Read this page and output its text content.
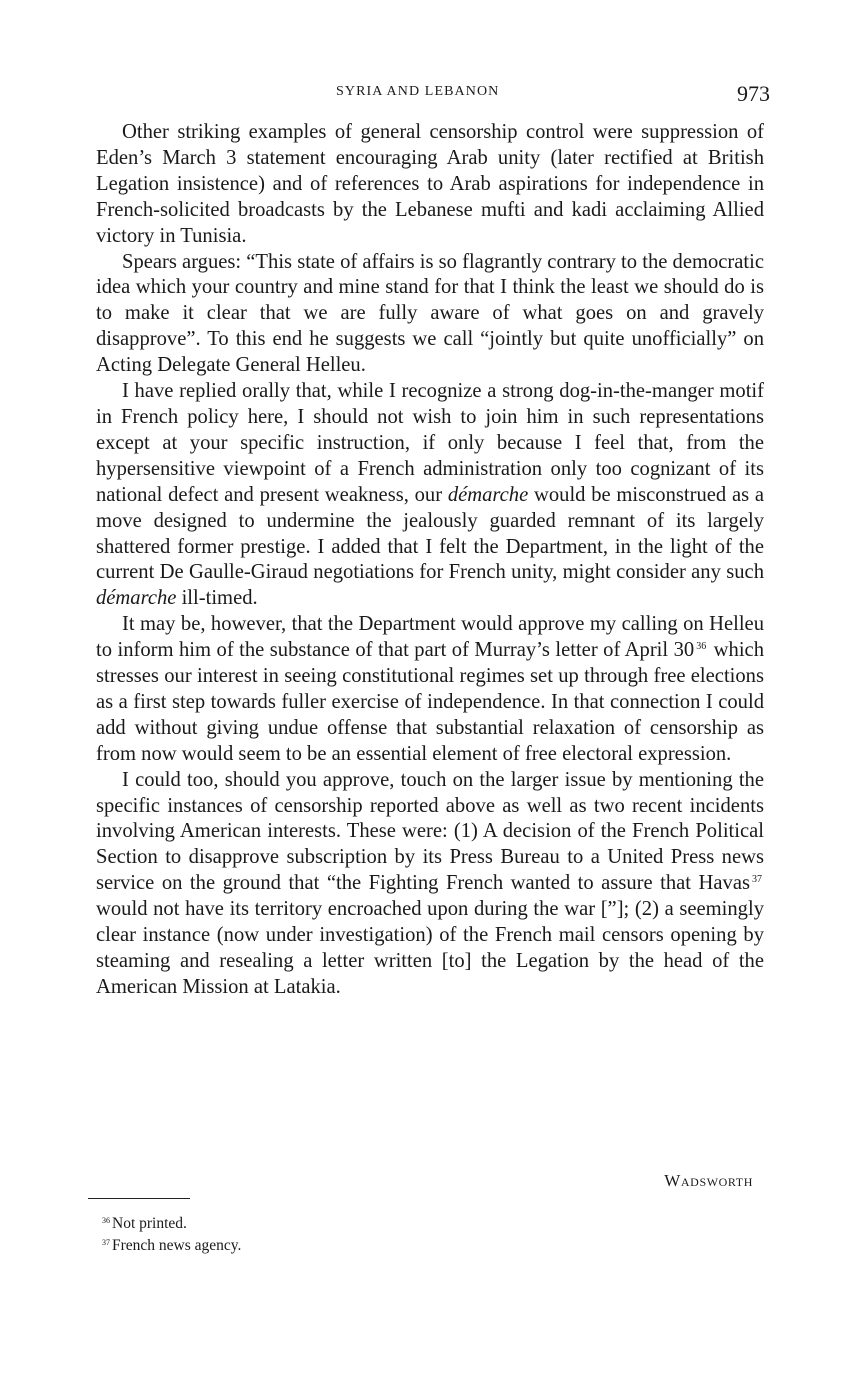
SYRIA AND LEBANON	973

Other striking examples of general censorship control were suppression of Eden’s March 3 statement encouraging Arab unity (later rectified at British Legation insistence) and of references to Arab aspirations for independence in French-solicited broadcasts by the Lebanese mufti and kadi acclaiming Allied victory in Tunisia.

Spears argues: “This state of affairs is so flagrantly contrary to the democratic idea which your country and mine stand for that I think the least we should do is to make it clear that we are fully aware of what goes on and gravely disapprove”. To this end he suggests we call “jointly but quite unofficially” on Acting Delegate General Helleu.

I have replied orally that, while I recognize a strong dog-in-the-manger motif in French policy here, I should not wish to join him in such representations except at your specific instruction, if only because I feel that, from the hypersensitive viewpoint of a French administration only too cognizant of its national defect and present weakness, our démarche would be misconstrued as a move designed to undermine the jealously guarded remnant of its largely shattered former prestige. I added that I felt the Department, in the light of the current De Gaulle-Giraud negotiations for French unity, might consider any such démarche ill-timed.

It may be, however, that the Department would approve my calling on Helleu to inform him of the substance of that part of Murray’s letter of April 30 $^{36}$ which stresses our interest in seeing constitutional regimes set up through free elections as a first step towards fuller exercise of independence. In that connection I could add without giving undue offense that substantial relaxation of censorship as from now would seem to be an essential element of free electoral expression.

I could too, should you approve, touch on the larger issue by mentioning the specific instances of censorship reported above as well as two recent incidents involving American interests. These were: (1) A decision of the French Political Section to disapprove subscription by its Press Bureau to a United Press news service on the ground that “the Fighting French wanted to assure that Havas $^{37}$ would not have its territory encroached upon during the war [”]; (2) a seemingly clear instance (now under investigation) of the French mail censors opening by steaming and resealing a letter written [to] the Legation by the head of the American Mission at Latakia.

Wadsworth
$^{36}$ Not printed.
$^{37}$ French news agency.
